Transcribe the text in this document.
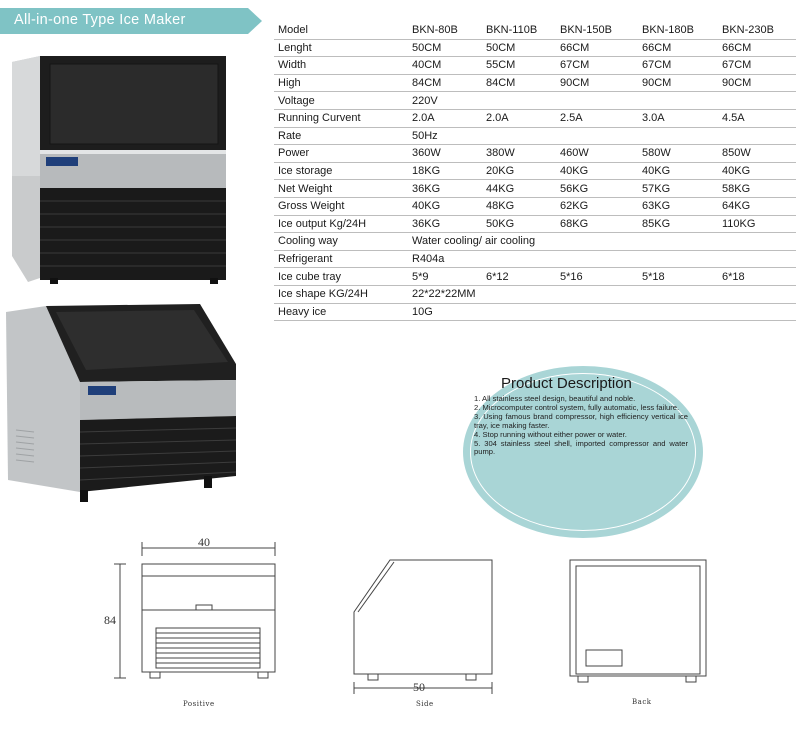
All-in-one Type Ice Maker
Model	BKN-80B	BKN-110B	BKN-150B	BKN-180B	BKN-230B
Lenght	50CM	50CM	66CM	66CM	66CM
Width	40CM	55CM	67CM	67CM	67CM
High	84CM	84CM	90CM	90CM	90CM
Voltage	220V				
Running Curvent	2.0A	2.0A	2.5A	3.0A	4.5A
Rate	50Hz				
Power	360W	380W	460W	580W	850W
Ice storage	18KG	20KG	40KG	40KG	40KG
Net Weight	36KG	44KG	56KG	57KG	58KG
Gross Weight	40KG	48KG	62KG	63KG	64KG
Ice output Kg/24H	36KG	50KG	68KG	85KG	110KG
Cooling way	Water cooling/ air cooling				
Refrigerant	R404a				
Ice cube tray	5*9	6*12	5*16	5*18	6*18
Ice shape KG/24H	22*22*22MM				
Heavy ice	10G				
Product Description
1. All stainless steel design, beautiful and noble.
2. Microcomputer control system, fully automatic, less failure.
3. Using famous brand compressor, high efficiency vertical ice tray, ice making faster.
4. Stop running without either power or water.
5. 304 stainless steel shell, imported compressor and water pump.
40
84
Positive
50
Side	Back
